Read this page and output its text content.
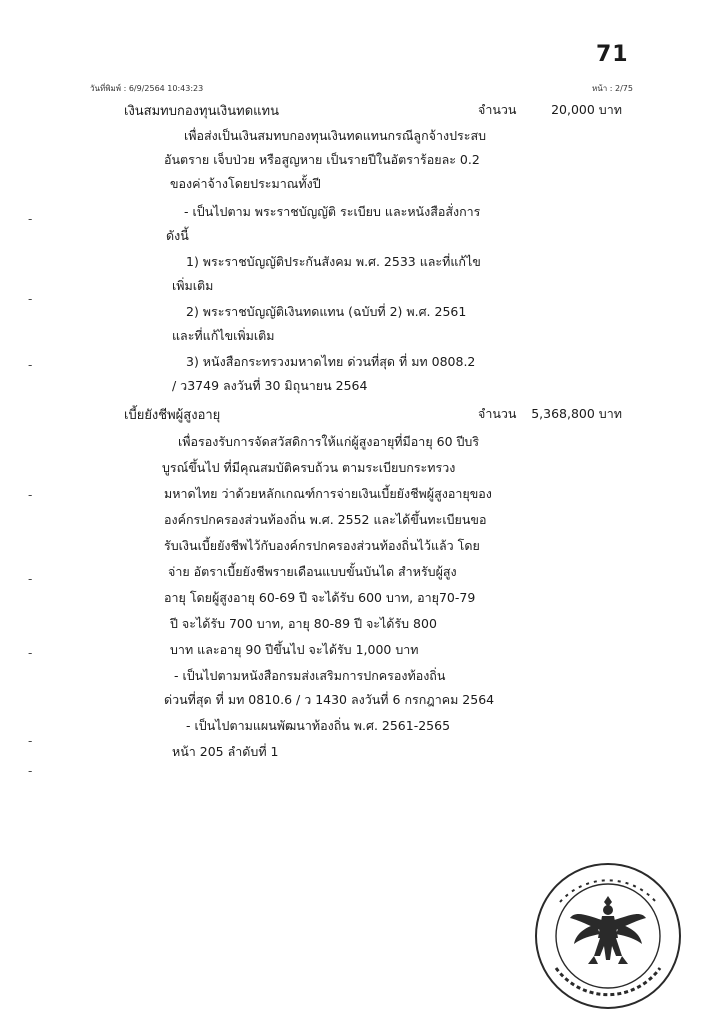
71
วันที่พิมพ์ : 6/9/2564 10:43:23	หน้า : 2/75
เงินสมทบกองทุนเงินทดแทน	จำนวน	20,000 บาท
เพื่อส่งเป็นเงินสมทบกองทุนเงินทดแทนกรณีลูกจ้างประสบ
อันตราย เจ็บป่วย หรือสูญหาย เป็นรายปีในอัตราร้อยละ 0.2
ของค่าจ้างโดยประมาณทั้งปี
- เป็นไปตาม พระราชบัญญัติ ระเบียบ และหนังสือสั่งการ
ดังนี้
1) พระราชบัญญัติประกันสังคม พ.ศ. 2533 และที่แก้ไข
เพิ่มเติม
2) พระราชบัญญัติเงินทดแทน (ฉบับที่ 2) พ.ศ. 2561
และที่แก้ไขเพิ่มเติม
3) หนังสือกระทรวงมหาดไทย ด่วนที่สุด ที่ มท 0808.2
/ ว3749 ลงวันที่ 30 มิถุนายน 2564
เบี้ยยังชีพผู้สูงอายุ	จำนวน	5,368,800 บาท
เพื่อรองรับการจัดสวัสดิการให้แก่ผู้สูงอายุที่มีอายุ 60 ปีบริ
บูรณ์ขึ้นไป ที่มีคุณสมบัติครบถ้วน ตามระเบียบกระทรวง
มหาดไทย ว่าด้วยหลักเกณฑ์การจ่ายเงินเบี้ยยังชีพผู้สูงอายุของ
องค์กรปกครองส่วนท้องถิ่น พ.ศ. 2552 และได้ขึ้นทะเบียนขอ
รับเงินเบี้ยยังชีพไว้กับองค์กรปกครองส่วนท้องถิ่นไว้แล้ว โดย
จ่าย อัตราเบี้ยยังชีพรายเดือนแบบขั้นบันได สำหรับผู้สูง
อายุ โดยผู้สูงอายุ 60-69 ปี จะได้รับ 600 บาท, อายุ70-79
ปี จะได้รับ 700 บาท, อายุ 80-89 ปี จะได้รับ 800
บาท และอายุ 90 ปีขึ้นไป จะได้รับ 1,000 บาท
- เป็นไปตามหนังสือกรมส่งเสริมการปกครองท้องถิ่น
ด่วนที่สุด ที่ มท 0810.6 / ว 1430 ลงวันที่ 6 กรกฎาคม 2564
- เป็นไปตามแผนพัฒนาท้องถิ่น พ.ศ. 2561-2565
หน้า 205 ลำดับที่ 1
-
-
-
-
-
-
-
-
